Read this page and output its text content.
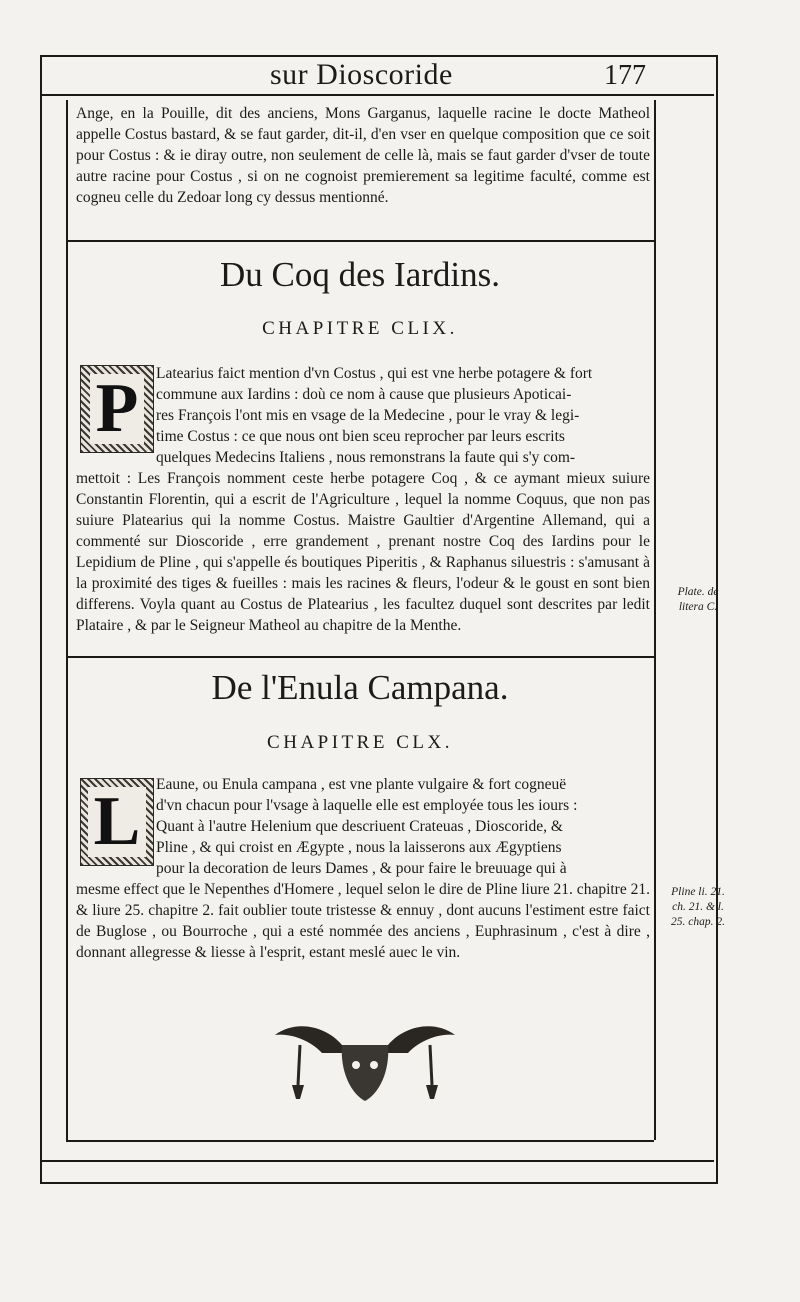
sur Dioscoride	177
Ange, en la Pouille, dit des anciens, Mons Garganus, laquelle racine le docte Matheol appelle Costus bastard, & se faut garder, dit-il, d'en vser en quelque composition que ce soit pour Costus : & ie diray outre, non seulement de celle là, mais se faut garder d'vser de toute autre racine pour Costus , si on ne cognoist premierement sa legitime faculté, comme est cogneu celle du Zedoar long cy dessus mentionné.
Du Coq des Iardins.
CHAPITRE CLIX.
P	Latearius faict mention d'vn Costus , qui est vne herbe potagere & fort
commune aux Iardins : doù ce nom à cause que plusieurs Apoticai-
res François l'ont mis en vsage de la Medecine , pour le vray & legi-
time Costus : ce que nous ont bien sceu reprocher par leurs escrits
quelques Medecins Italiens , nous remonstrans la faute qui s'y com-
mettoit : Les François nomment ceste herbe potagere Coq , & ce aymant mieux suiure Constantin Florentin, qui a escrit de l'Agriculture , lequel la nomme Coquus, que non pas suiure Platearius qui la nomme Costus. Maistre Gaultier d'Argentine Allemand, qui a commenté sur Dioscoride , erre grandement , prenant nostre Coq des Iardins pour le Lepidium de Pline , qui s'appelle és boutiques Piperitis , & Raphanus siluestris : s'amusant à la proximité des tiges & fueilles : mais les racines & fleurs, l'odeur & le goust en sont bien differens. Voyla quant au Costus de Platearius , les facultez duquel sont descrites par ledit Plataire , & par le Seigneur Matheol au chapitre de la Menthe.
Plate. de litera C.
De l'Enula Campana.
CHAPITRE CLX.
L	Eaune, ou Enula campana , est vne plante vulgaire & fort cogneuë
d'vn chacun pour l'vsage à laquelle elle est employée tous les iours :
Quant à l'autre Helenium que descriuent Crateuas , Dioscoride, &
Pline , & qui croist en Ægypte , nous la laisserons aux Ægyptiens
pour la decoration de leurs Dames , & pour faire le breuuage qui à
mesme effect que le Nepenthes d'Homere , lequel selon le dire de Pline liure 21. chapitre 21. & liure 25. chapitre 2. fait oublier toute tristesse & ennuy , dont aucuns l'estiment estre faict de Buglose , ou Bourroche , qui a esté nommée des anciens , Euphrasinum , c'est à dire , donnant allegresse & liesse à l'esprit, estant meslé auec le vin.
Pline li. 21. ch. 21. & l. 25. chap. 2.
